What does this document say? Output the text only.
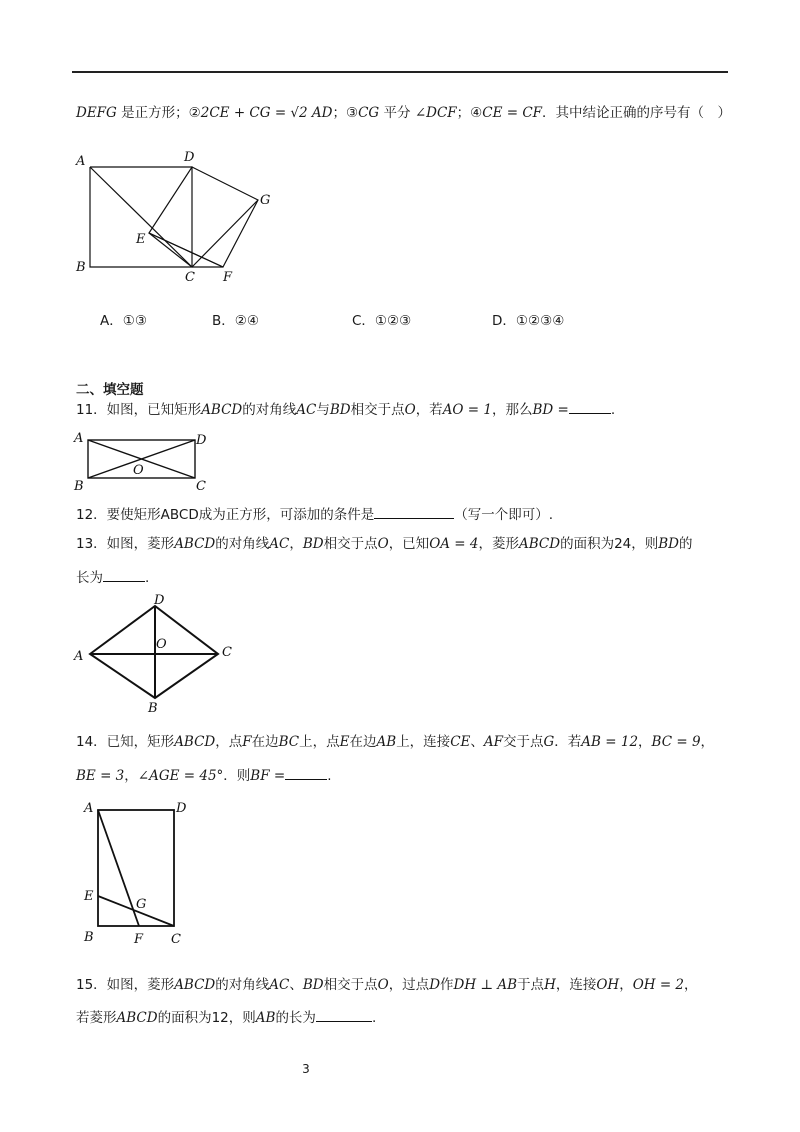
DEFG 是正方形；②2CE + CG = √2 AD；③CG 平分 ∠DCF；④CE = CF．其中结论正确的序号有（　）
A	D
G
E
B
C F
A．①③	B．②④	C．①②③	D．①②③④
二、填空题
11．如图，已知矩形ABCD的对角线AC与BD相交于点O，若AO = 1，那么BD =	.
A	D
O
B	C
12．要使矩形ABCD成为正方形，可添加的条件是	（写一个即可）.
13．如图，菱形ABCD的对角线AC，BD相交于点O，已知OA = 4，菱形ABCD的面积为24，则BD的
长为	.
A
D
C
O
B
14．已知，矩形ABCD，点F在边BC上，点E在边AB上，连接CE、AF交于点G．若AB = 12，BC = 9，
BE = 3，∠AGE = 45°．则BF =	.
A	D
E
G
B	F C
15．如图，菱形ABCD的对角线AC、BD相交于点O，过点D作DH ⊥ AB于点H，连接OH，OH = 2，
若菱形ABCD的面积为12，则AB的长为	.
3
